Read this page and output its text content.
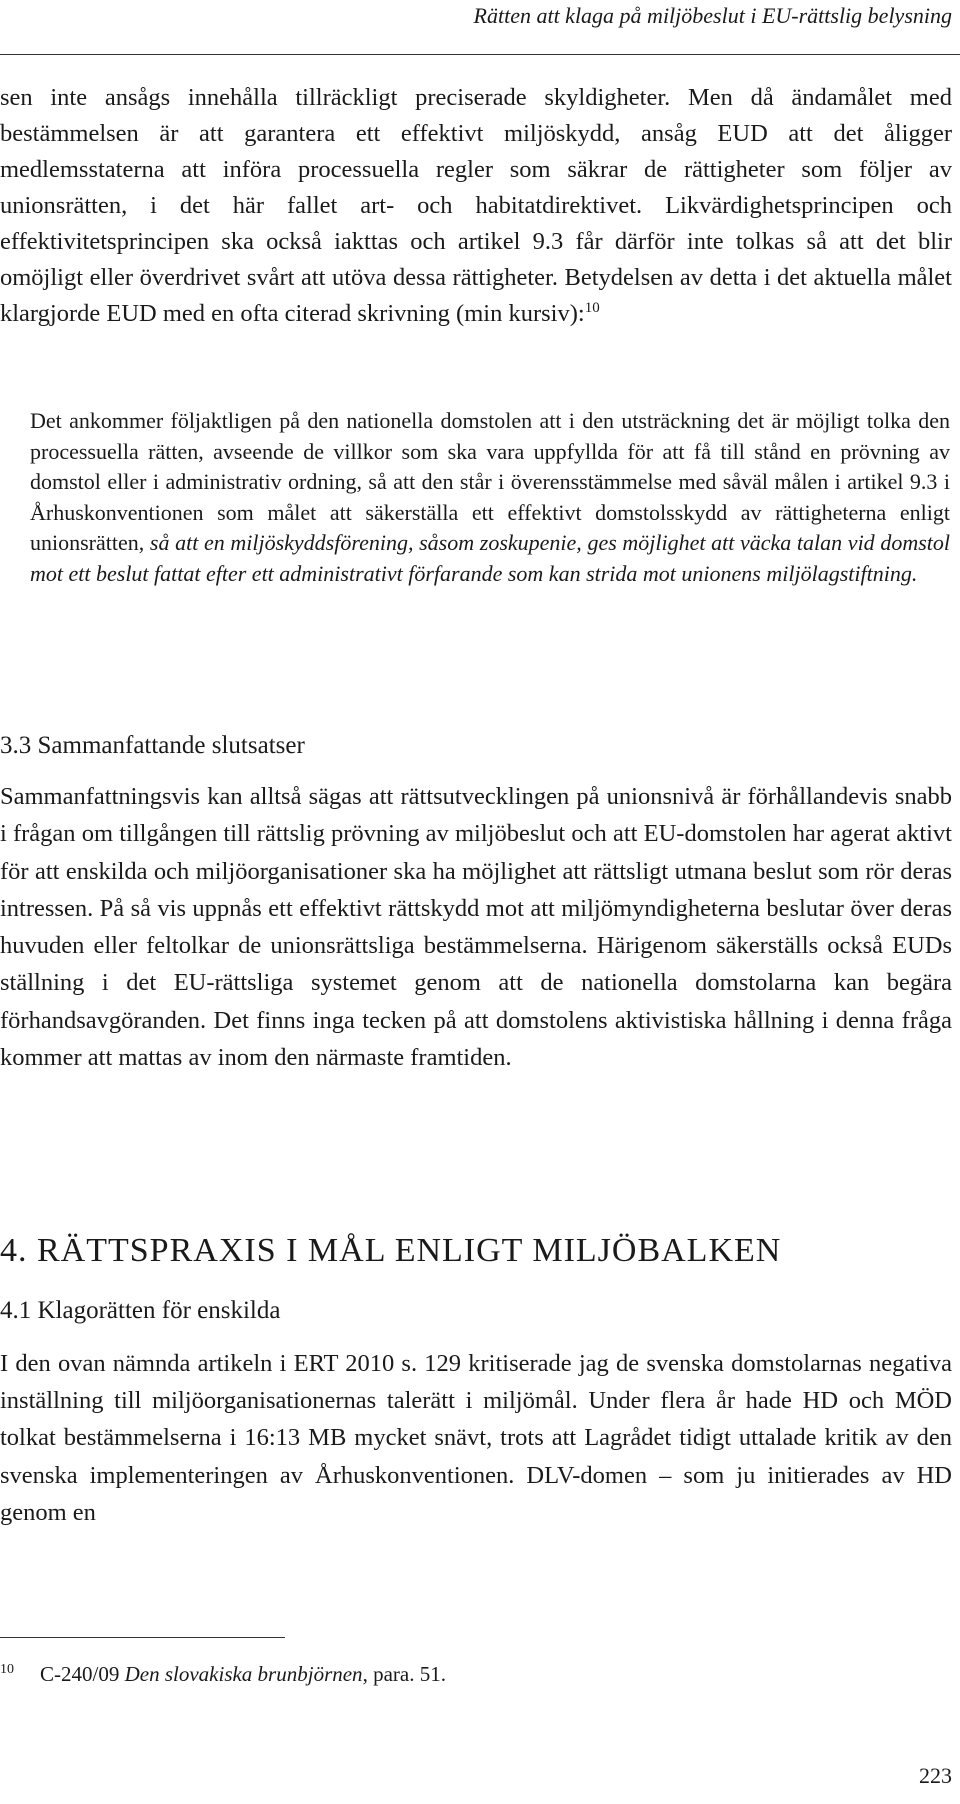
Rätten att klaga på miljöbeslut i EU-rättslig belysning

sen inte ansågs innehålla tillräckligt preciserade skyldigheter. Men då ändamålet med bestämmelsen är att garantera ett effektivt miljöskydd, ansåg EUD att det åligger medlemsstaterna att införa processuella regler som säkrar de rättigheter som följer av unionsrätten, i det här fallet art- och habitatdirektivet. Likvärdighetsprincipen och effektivitetsprincipen ska också iakttas och artikel 9.3 får därför inte tolkas så att det blir omöjligt eller överdrivet svårt att utöva dessa rättigheter. Betydelsen av detta i det aktuella målet klargjorde EUD med en ofta citerad skrivning (min kursiv):$^{10}$

Det ankommer följaktligen på den nationella domstolen att i den utsträckning det är möjligt tolka den processuella rätten, avseende de villkor som ska vara uppfyllda för att få till stånd en prövning av domstol eller i administrativ ordning, så att den står i överensstämmelse med såväl målen i artikel 9.3 i Århuskonventionen som målet att säkerställa ett effektivt domstolsskydd av rättigheterna enligt unionsrätten, så att en miljöskyddsförening, såsom zoskupenie, ges möjlighet att väcka talan vid domstol mot ett beslut fattat efter ett administrativt förfarande som kan strida mot unionens miljölagstiftning.

3.3 Sammanfattande slutsatser

Sammanfattningsvis kan alltså sägas att rättsutvecklingen på unionsnivå är förhållandevis snabb i frågan om tillgången till rättslig prövning av miljöbeslut och att EU-domstolen har agerat aktivt för att enskilda och miljöorganisationer ska ha möjlighet att rättsligt utmana beslut som rör deras intressen. På så vis uppnås ett effektivt rättskydd mot att miljömyndigheterna beslutar över deras huvuden eller feltolkar de unionsrättsliga bestämmelserna. Härigenom säkerställs också EUDs ställning i det EU-rättsliga systemet genom att de nationella domstolarna kan begära förhandsavgöranden. Det finns inga tecken på att domstolens aktivistiska hållning i denna fråga kommer att mattas av inom den närmaste framtiden.

4. RÄTTSPRAXIS I MÅL ENLIGT MILJÖBALKEN
4.1 Klagorätten för enskilda

I den ovan nämnda artikeln i ERT 2010 s. 129 kritiserade jag de svenska domstolarnas negativa inställning till miljöorganisationernas talerätt i miljömål. Under flera år hade HD och MÖD tolkat bestämmelserna i 16:13 MB mycket snävt, trots att Lagrådet tidigt uttalade kritik av den svenska implementeringen av Århuskonventionen. DLV-domen – som ju initierades av HD genom en

$^{10}$ C-240/09 Den slovakiska brunbjörnen, para. 51.
223
